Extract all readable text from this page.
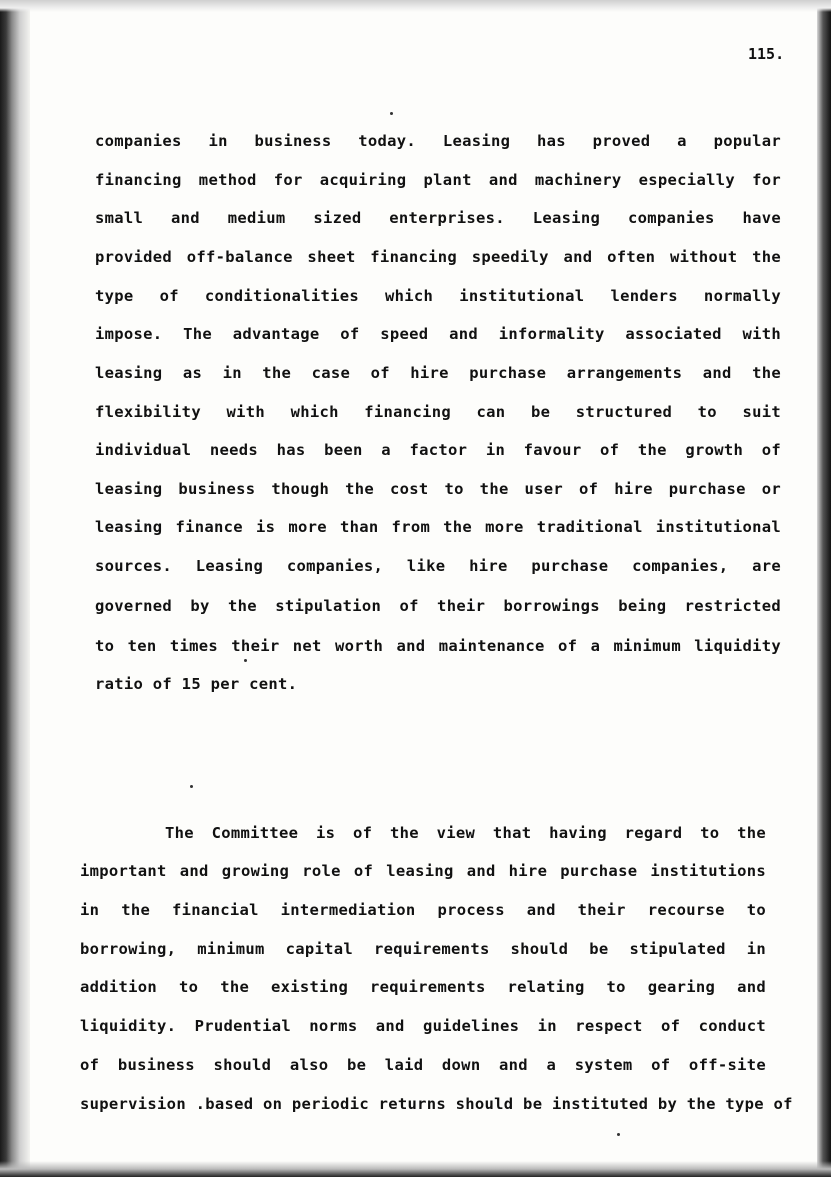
115.
companies in business today. Leasing has proved a popular
financing method for acquiring plant and machinery especially for
small and medium sized enterprises. Leasing companies have
provided off-balance sheet financing speedily and often without the
type of conditionalities which institutional lenders normally
impose. The advantage of speed and informality associated with
leasing as in the case of hire purchase arrangements and the
flexibility with which financing can be structured to suit
individual needs has been a factor in favour of the growth of
leasing business though the cost to the user of hire purchase or
leasing finance is more than from the more traditional institutional
sources. Leasing companies, like hire purchase companies, are
governed by the stipulation of their borrowings being restricted
to ten times their net worth and maintenance of a minimum liquidity
ratio of 15 per cent.
The Committee is of the view that having regard to the
important and growing role of leasing and hire purchase institutions
in the financial intermediation process and their recourse to
borrowing, minimum capital requirements should be stipulated in
addition to the existing requirements relating to gearing and
liquidity. Prudential norms and guidelines in respect of conduct
of business should also be laid down and a system of off-site
supervision .based on periodic returns should be instituted by the type of
